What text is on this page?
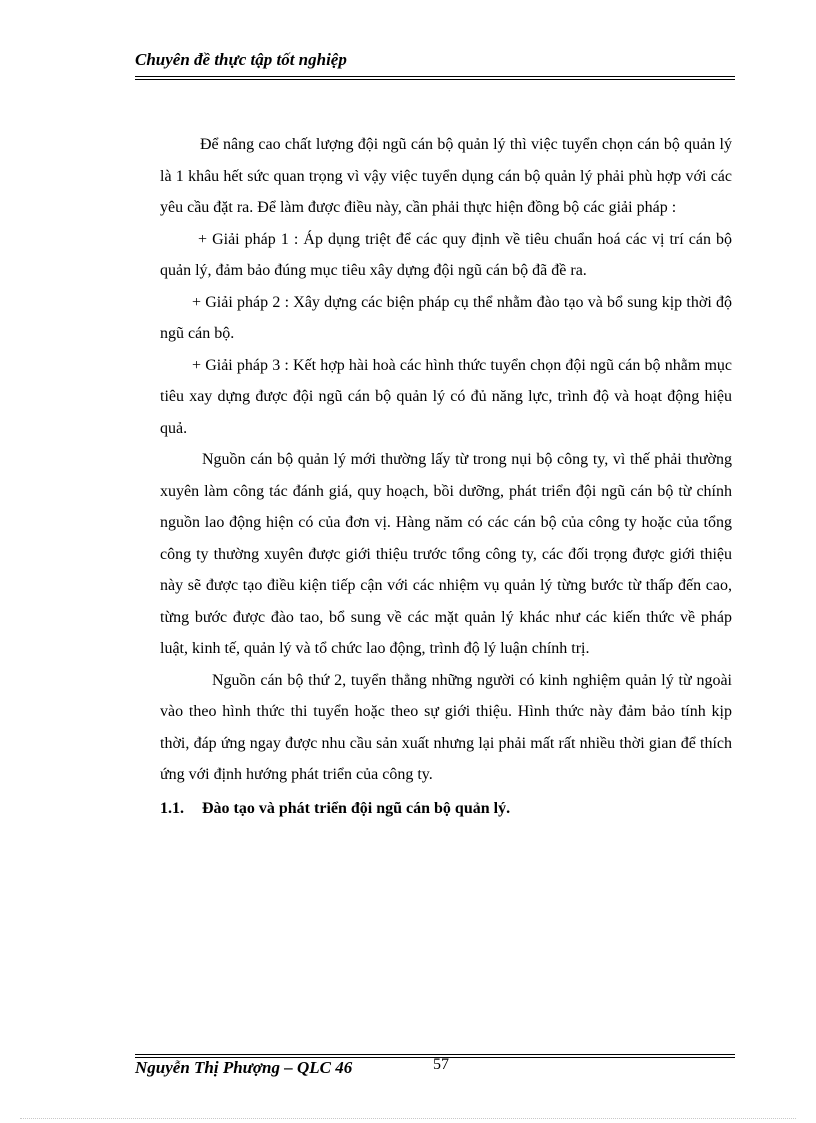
Chuyên đề thực tập tốt nghiệp

Để nâng cao chất lượng đội ngũ cán bộ quản lý thì việc tuyển chọn cán bộ quản lý là 1 khâu hết sức quan trọng vì vậy việc tuyển dụng cán bộ quản lý phải phù hợp với các yêu cầu đặt ra. Để làm được điều này, cần phải thực hiện đồng bộ các giải pháp :

+ Giải pháp 1 : Áp dụng triệt để các quy định về tiêu chuẩn hoá các vị trí cán bộ quản lý, đảm bảo đúng mục tiêu xây dựng đội ngũ cán bộ đã đề ra.

+ Giải pháp 2 : Xây dựng các biện pháp cụ thể nhằm đào tạo và bổ sung kịp thời độ ngũ cán bộ.

+ Giải pháp 3 : Kết hợp hài hoà các hình thức tuyển chọn đội ngũ cán bộ nhằm mục tiêu xay dựng được đội ngũ cán bộ quản lý có đủ năng lực, trình độ và hoạt động hiệu quả.

Nguồn cán bộ quản lý mới thường lấy từ trong nụi bộ công ty, vì thế phải thường xuyên làm công tác đánh giá, quy hoạch, bồi dưỡng, phát triển đội ngũ cán bộ từ chính nguồn lao động hiện có của đơn vị. Hàng năm có các cán bộ của công ty hoặc của tổng công ty thường xuyên được giới thiệu trước tổng công ty, các đối trọng được giới thiệu này sẽ được tạo điều kiện tiếp cận với các nhiệm vụ quản lý từng bước từ thấp đến cao, từng bước được đào tao, bổ sung về các mặt quản lý khác như các kiến thức về pháp luật, kinh tế, quản lý và tổ chức lao động, trình độ lý luận chính trị.

Nguồn cán bộ thứ 2, tuyển thẳng những người có kinh nghiệm quản lý từ ngoài vào theo hình thức thi tuyển hoặc theo sự giới thiệu. Hình thức này đảm bảo tính kịp thời, đáp ứng ngay được nhu cầu sản xuất nhưng lại phải mất rất nhiều thời gian để thích ứng với định hướng phát triển của công ty.

1.1. Đào tạo và phát triển đội ngũ cán bộ quản lý.
Nguyễn Thị Phượng – QLC 46	57
